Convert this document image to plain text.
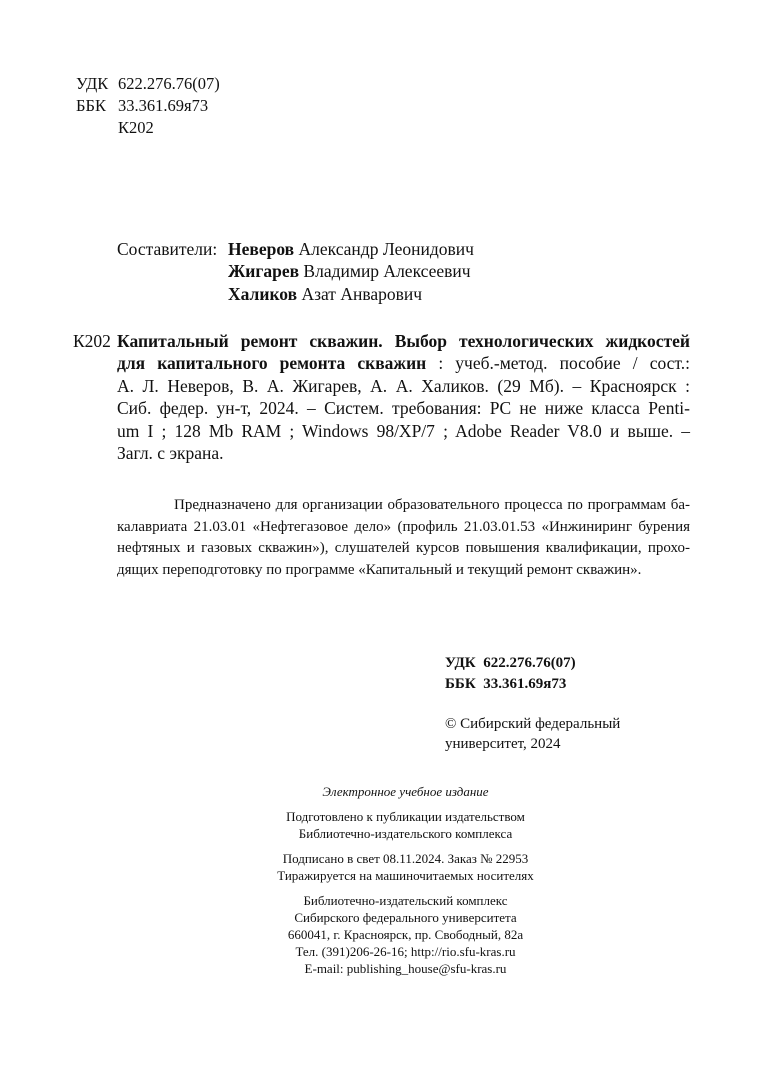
УДК 622.276.76(07)
ББК 33.361.69я73
К202
Составители: Неверов Александр Леонидович
Жигарев Владимир Алексеевич
Халиков Азат Анварович
К202 Капитальный ремонт скважин. Выбор технологических жидкостей
для капитального ремонта скважин : учеб.-метод. пособие / сост.:
А. Л. Неверов, В. А. Жигарев, А. А. Халиков. (29 Мб). – Красноярск :
Сиб. федер. ун-т, 2024. – Систем. требования: PC не ниже класса Penti-
um I ; 128 Mb RAM ; Windows 98/XP/7 ; Adobe Reader V8.0 и выше. –
Загл. с экрана.
Предназначено для организации образовательного процесса по программам ба-
калавриата 21.03.01 «Нефтегазовое дело» (профиль 21.03.01.53 «Инжиниринг бурения
нефтяных и газовых скважин»), слушателей курсов повышения квалификации, прохо-
дящих переподготовку по программе «Капитальный и текущий ремонт скважин».
УДК  622.276.76(07)
ББК  33.361.69я73
© Сибирский федеральный
университет, 2024
Электронное учебное издание
Подготовлено к публикации издательством
Библиотечно-издательского комплекса
Подписано в свет 08.11.2024. Заказ № 22953
Тиражируется на машиночитаемых носителях
Библиотечно-издательский комплекс
Сибирского федерального университета
660041, г. Красноярск, пр. Свободный, 82а
Тел. (391)206-26-16; http://rio.sfu-kras.ru
E-mail: publishing_house@sfu-kras.ru
